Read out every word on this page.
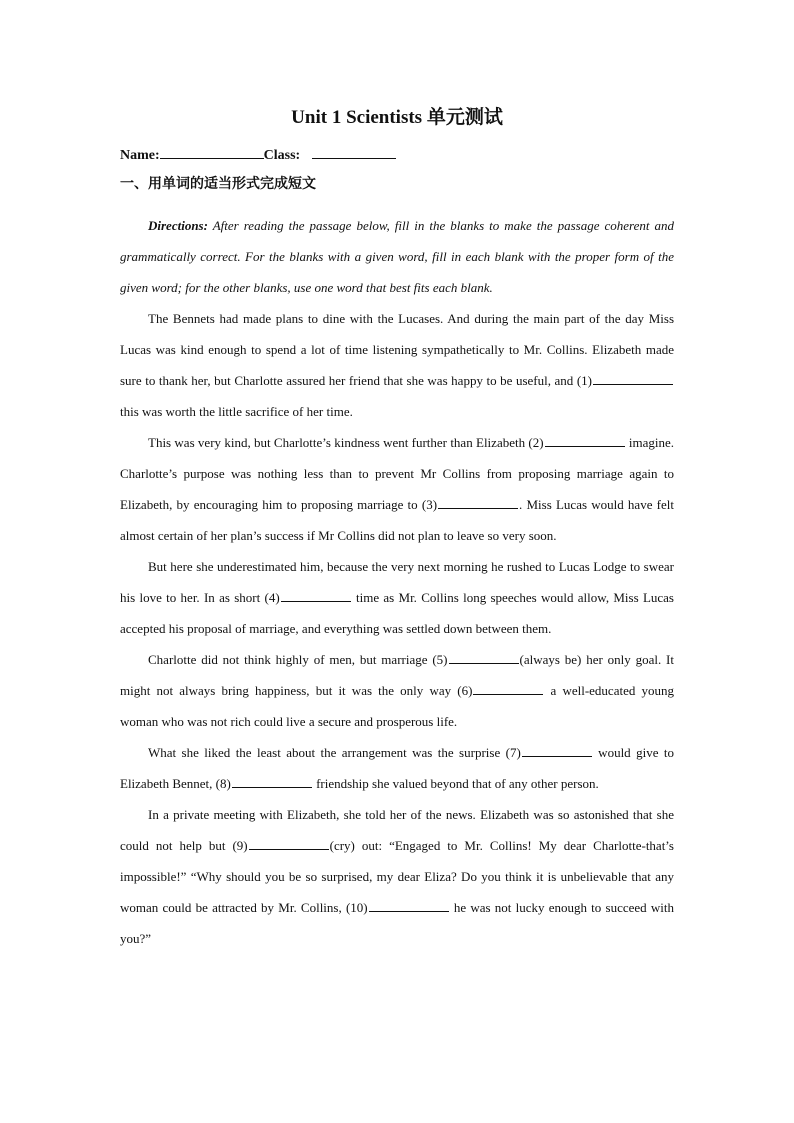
Unit 1 Scientists 单元测试
Name:	Class:
一、用单词的适当形式完成短文

Directions: After reading the passage below, fill in the blanks to make the passage coherent and grammatically correct. For the blanks with a given word, fill in each blank with the proper form of the given word; for the other blanks, use one word that best fits each blank.

The Bennets had made plans to dine with the Lucases. And during the main part of the day Miss Lucas was kind enough to spend a lot of time listening sympathetically to Mr. Collins. Elizabeth made sure to thank her, but Charlotte assured her friend that she was happy to be useful, and (1) this was worth the little sacrifice of her time.

This was very kind, but Charlotte’s kindness went further than Elizabeth (2)	imagine. Charlotte’s purpose was nothing less than to prevent Mr Collins from proposing marriage again to Elizabeth, by encouraging him to proposing marriage to (3)	. Miss Lucas would have felt almost certain of her plan’s success if Mr Collins did not plan to leave so very soon.

But here she underestimated him, because the very next morning he rushed to Lucas Lodge to swear his love to her. In as short (4)	time as Mr. Collins long speeches would allow, Miss Lucas accepted his proposal of marriage, and everything was settled down between them.

Charlotte did not think highly of men, but marriage (5)	(always be) her only goal. It might not always bring happiness, but it was the only way (6)	a well-educated young woman who was not rich could live a secure and prosperous life.

What she liked the least about the arrangement was the surprise (7)	would give to Elizabeth Bennet, (8)	friendship she valued beyond that of any other person.

In a private meeting with Elizabeth, she told her of the news. Elizabeth was so astonished that she could not help but (9)	(cry) out: “Engaged to Mr. Collins! My dear Charlotte-that’s impossible!” “Why should you be so surprised, my dear Eliza? Do you think it is unbelievable that any woman could be attracted by Mr. Collins, (10)	he was not lucky enough to succeed with you?”
